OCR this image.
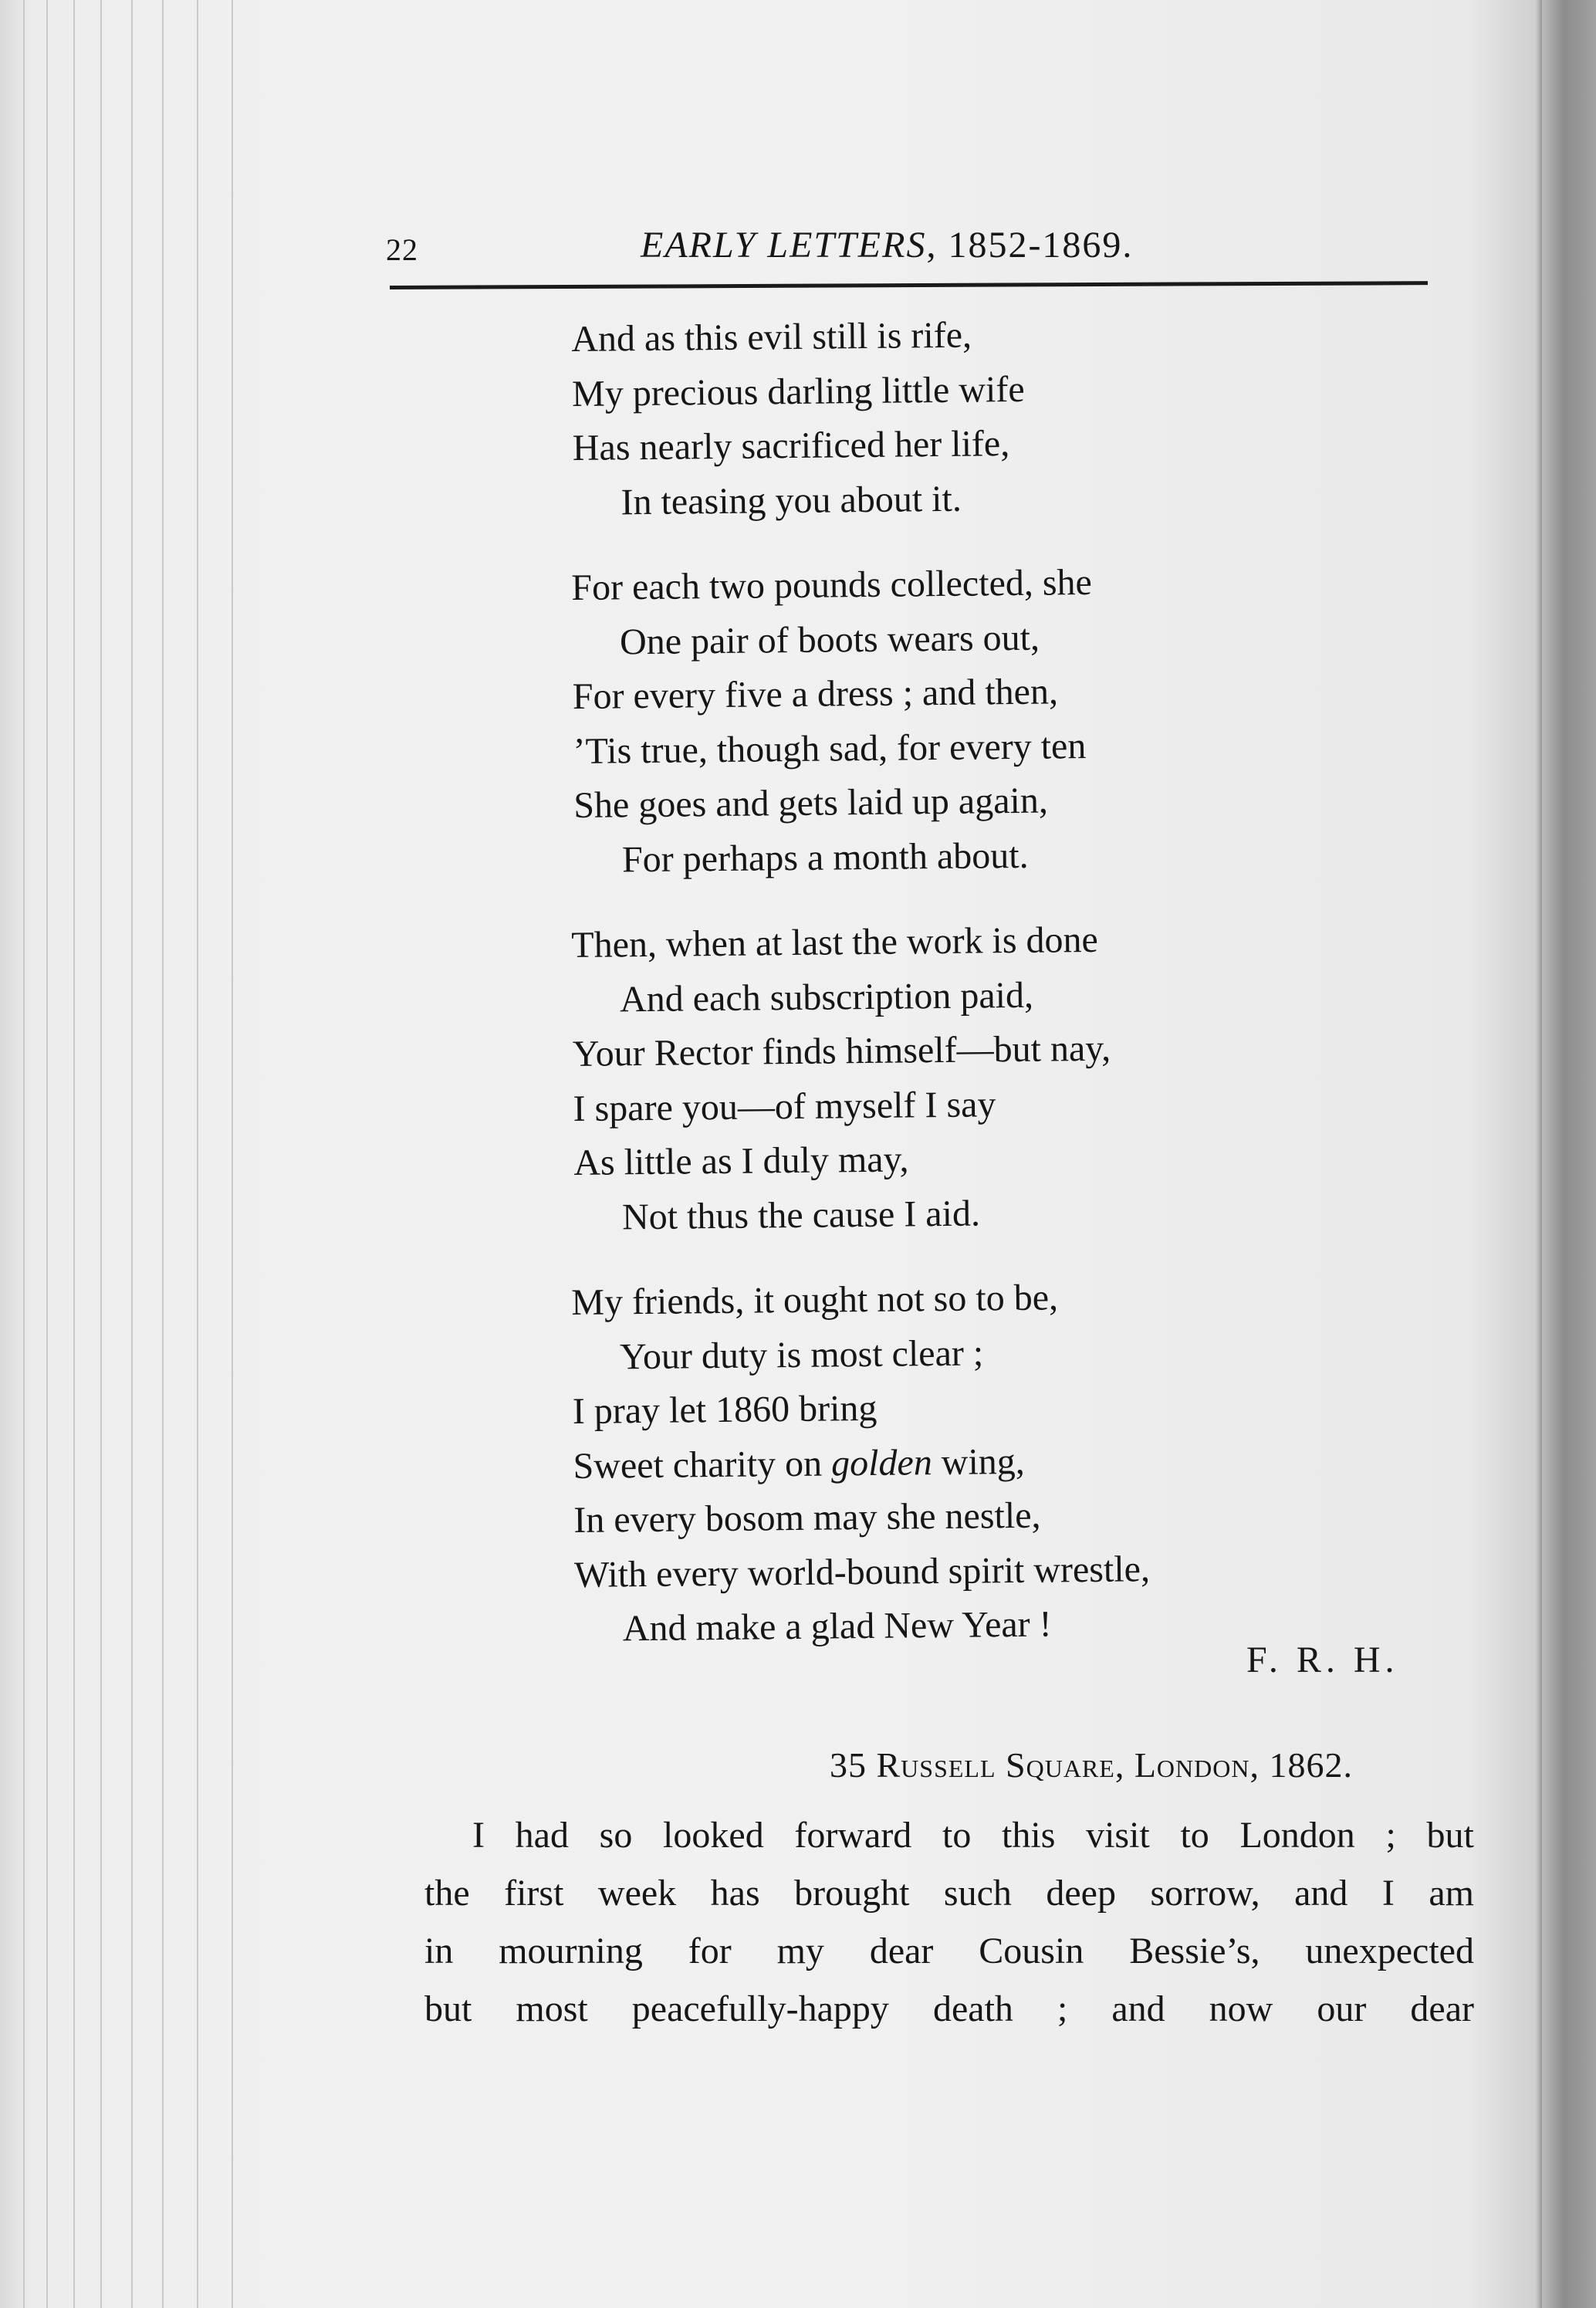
22	EARLY LETTERS, 1852-1869.
And as this evil still is rife,
My precious darling little wife
Has nearly sacrificed her life,
In teasing you about it.
For each two pounds collected, she
One pair of boots wears out,
For every five a dress ; and then,
’Tis true, though sad, for every ten
She goes and gets laid up again,
For perhaps a month about.
Then, when at last the work is done
And each subscription paid,
Your Rector finds himself—but nay,
I spare you—of myself I say
As little as I duly may,
Not thus the cause I aid.
My friends, it ought not so to be,
Your duty is most clear ;
I pray let 1860 bring
Sweet charity on golden wing,
In every bosom may she nestle,
With every world-bound spirit wrestle,
And make a glad New Year !
F. R. H.
35 Russell Square, London, 1862.
I had so looked forward to this visit to London ; but
the first week has brought such deep sorrow, and I am
in mourning for my dear Cousin Bessie’s, unexpected
but most peacefully-happy death ; and now our dear
